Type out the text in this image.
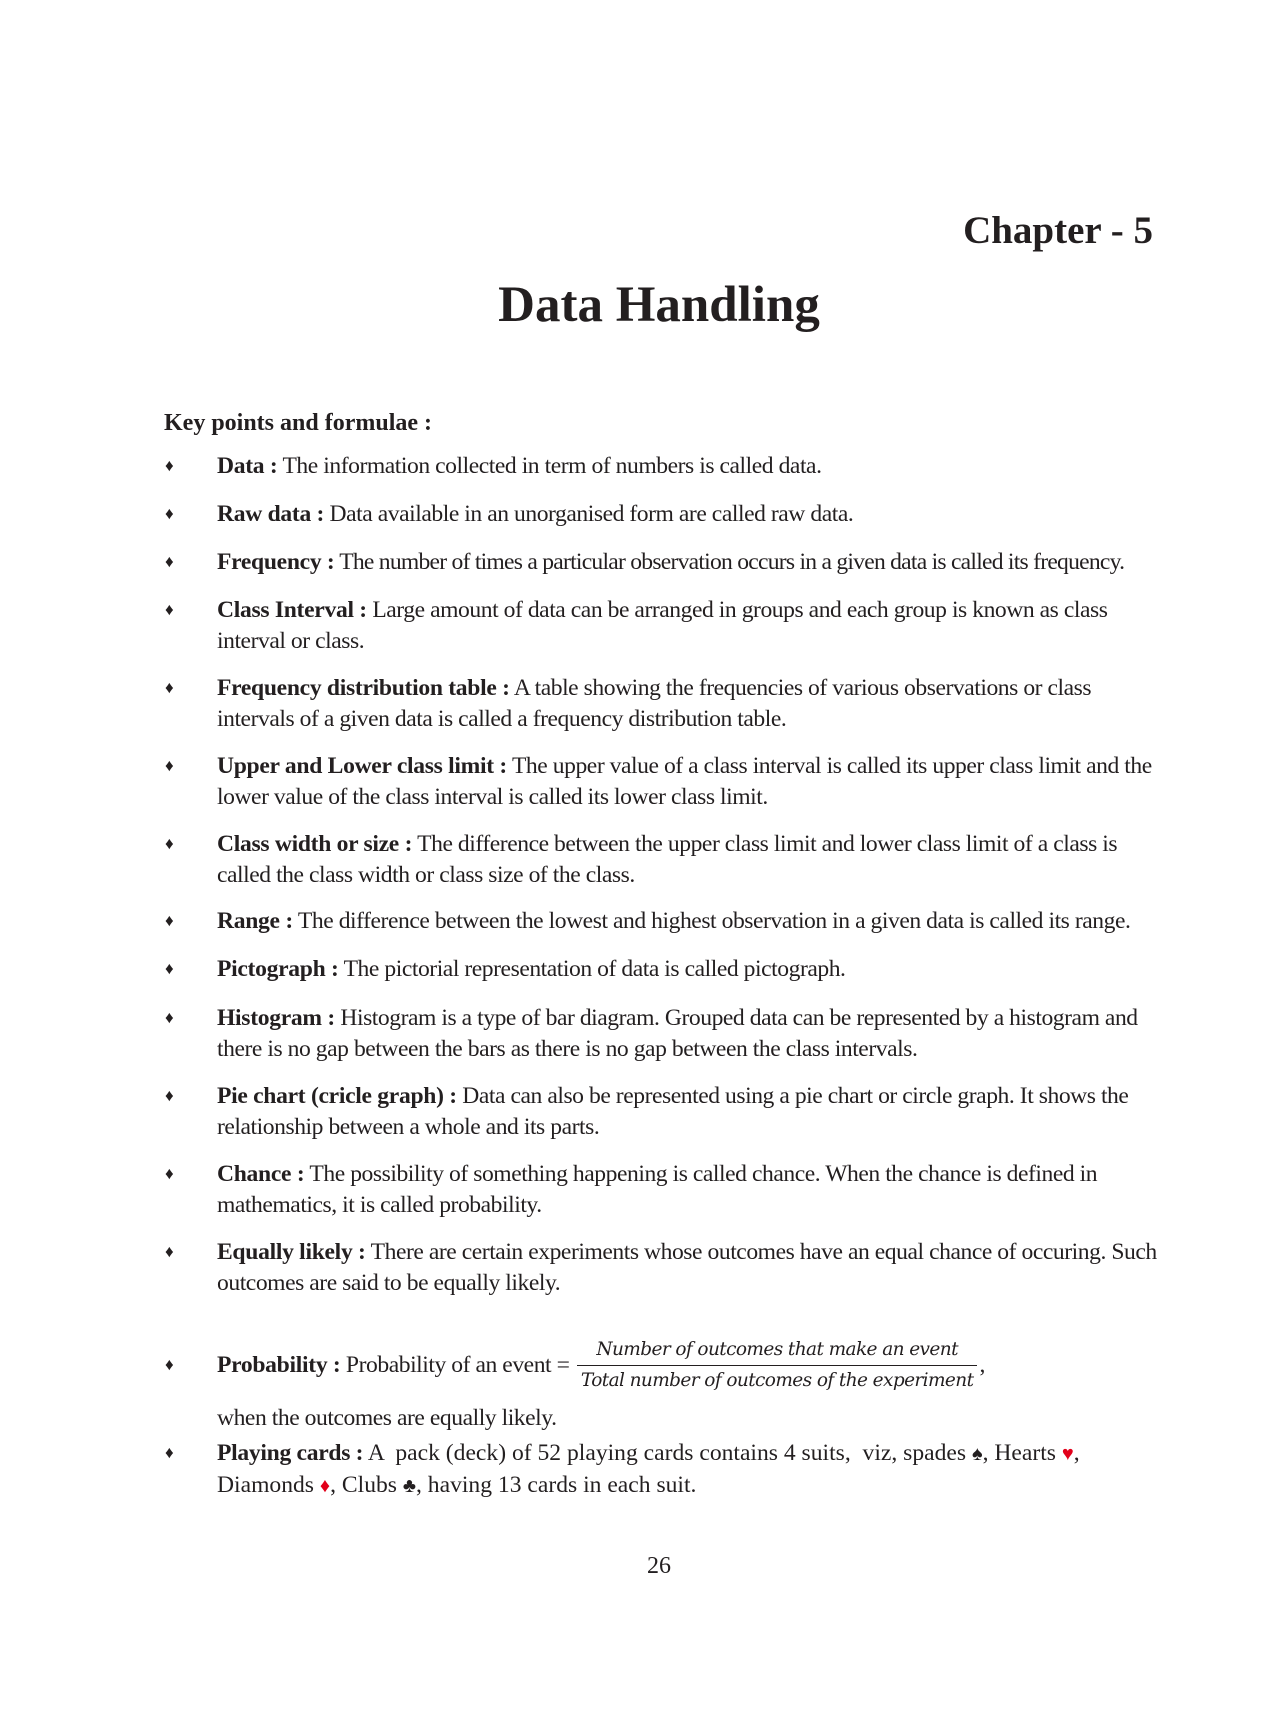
Chapter - 5
Data Handling
Key points and formulae :
♦ Data : The information collected in term of numbers is called data.
♦ Raw data : Data available in an unorganised form are called raw data.
♦ Frequency : The number of times a particular observation occurs in a given data is called its frequency.
♦ Class Interval : Large amount of data can be arranged in groups and each group is known as class interval or class.
♦ Frequency distribution table : A table showing the frequencies of various observations or class intervals of a given data is called a frequency distribution table.
♦ Upper and Lower class limit : The upper value of a class interval is called its upper class limit and the lower value of the class interval is called its lower class limit.
♦ Class width or size : The difference between the upper class limit and lower class limit of a class is called the class width or class size of the class.
♦ Range : The difference between the lowest and highest observation in a given data is called its range.
♦ Pictograph : The pictorial representation of data is called pictograph.
♦ Histogram : Histogram is a type of bar diagram. Grouped data can be represented by a histogram and there is no gap between the bars as there is no gap between the class intervals.
♦ Pie chart (cricle graph) : Data can also be represented using a pie chart or circle graph. It shows the relationship between a whole and its parts.
♦ Chance : The possibility of something happening is called chance. When the chance is defined in mathematics, it is called probability.
♦ Equally likely : There are certain experiments whose outcomes have an equal chance of occuring. Such outcomes are said to be equally likely.
♦ Probability : Probability of an event = $\frac{\text{Number of outcomes that make an event}}{\text{Total number of outcomes of the experiment}}$ ,
when the outcomes are equally likely.
♦ Playing cards : A  pack (deck) of 52 playing cards contains 4 suits,  viz, spades ♠, Hearts ♥,
Diamonds ♦, Clubs ♣, having 13 cards in each suit.
26
